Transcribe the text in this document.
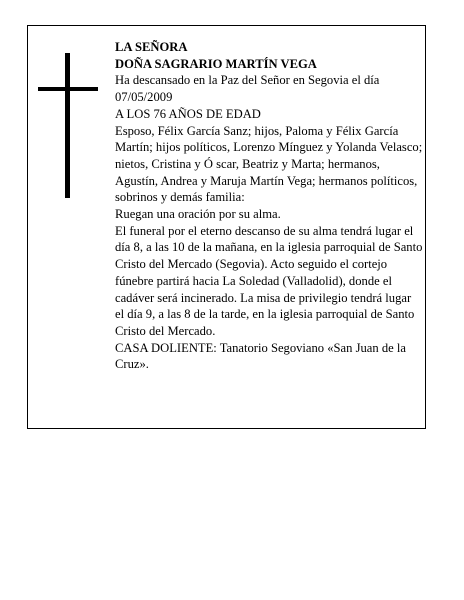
LA SEÑORA

DOÑA SAGRARIO MARTÍN VEGA

Ha descansado en la Paz del Señor en Segovia el día 07/05/2009

A LOS 76 AÑOS DE EDAD

Esposo, Félix García Sanz; hijos, Paloma y Félix García Martín; hijos políticos, Lorenzo Mínguez y Yolanda Velasco; nietos, Cristina y Ó scar, Beatriz y Marta; hermanos, Agustín, Andrea y Maruja Martín Vega; hermanos políticos, sobrinos y demás familia:

Ruegan una oración por su alma.

El funeral por el eterno descanso de su alma tendrá lugar el día 8, a las 10 de la mañana, en la iglesia parroquial de Santo Cristo del Mercado (Segovia). Acto seguido el cortejo fúnebre partirá hacia La Soledad (Valladolid), donde el cadáver será incinerado. La misa de privilegio tendrá lugar el día 9, a las 8 de la tarde, en la iglesia parroquial de Santo Cristo del Mercado.

CASA DOLIENTE: Tanatorio Segoviano «San Juan de la Cruz».
